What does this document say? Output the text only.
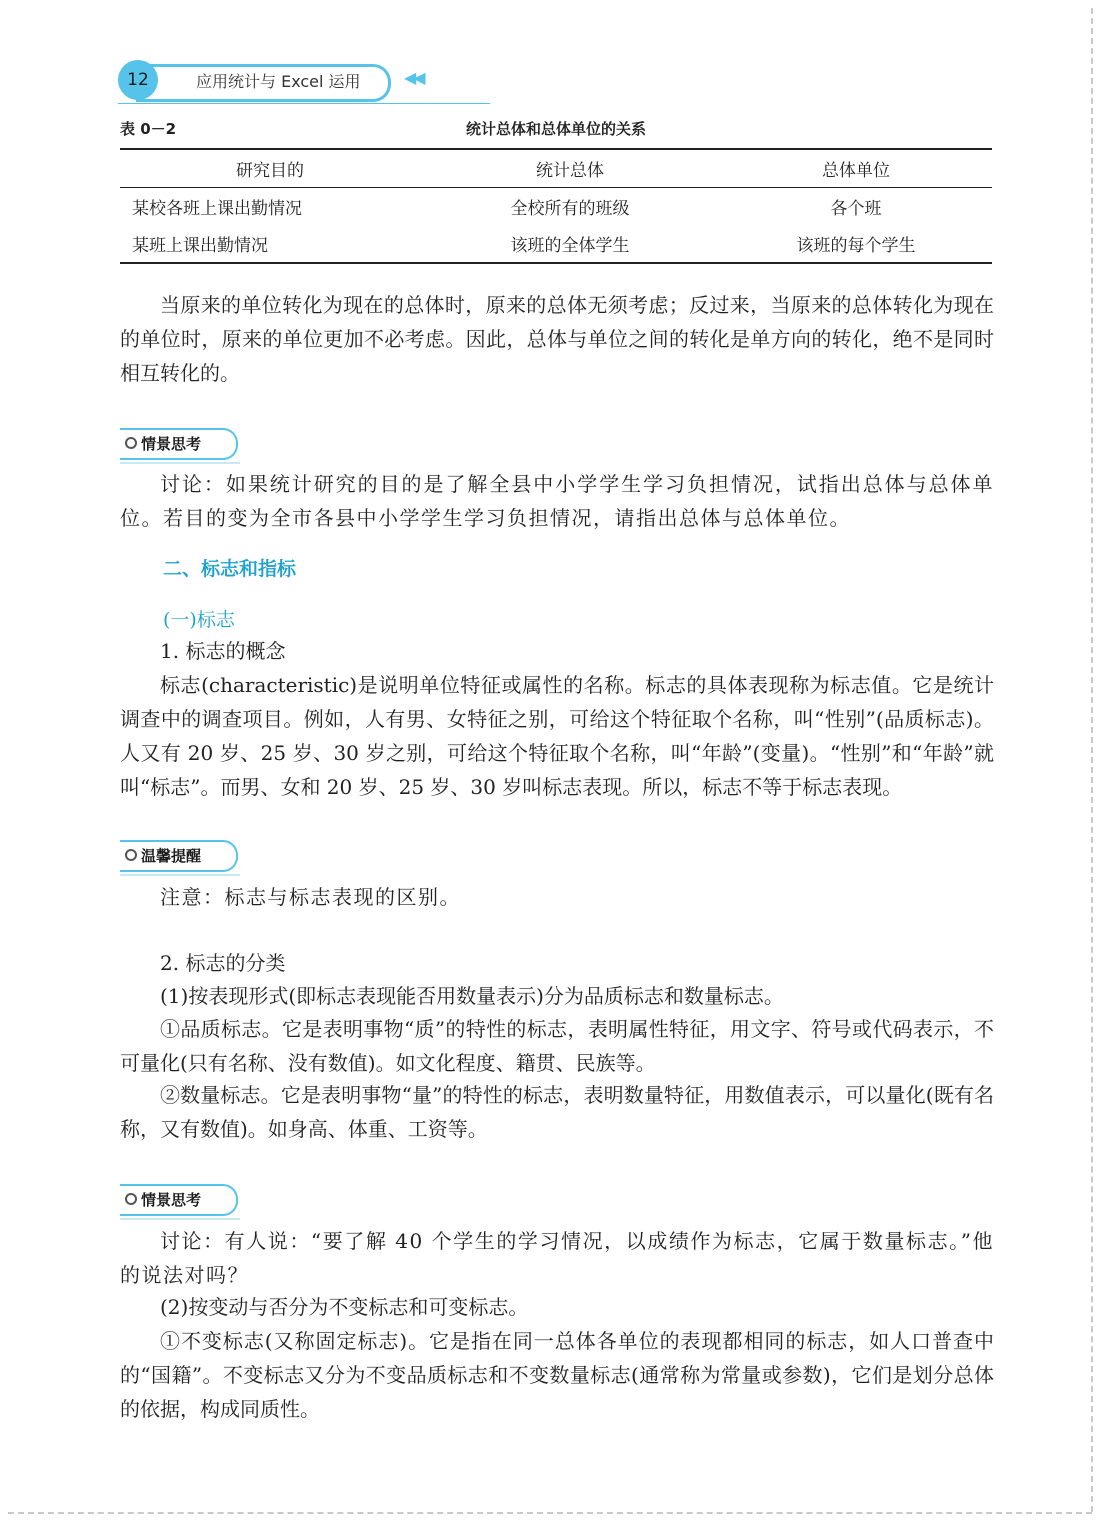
12	应用统计与 Excel 运用	◀◀
表 0－2	统计总体和总体单位的关系
研究目的	统计总体	总体单位
某校各班上课出勤情况	全校所有的班级	各个班
某班上课出勤情况	该班的全体学生	该班的每个学生

当原来的单位转化为现在的总体时，原来的总体无须考虑；反过来，当原来的总体转化为现在的单位时，原来的单位更加不必考虑。因此，总体与单位之间的转化是单方向的转化，绝不是同时相互转化的。

情景思考

讨论：如果统计研究的目的是了解全县中小学学生学习负担情况，试指出总体与总体单位。若目的变为全市各县中小学学生学习负担情况，请指出总体与总体单位。

二、标志和指标
(一)标志

1. 标志的概念

标志(characteristic)是说明单位特征或属性的名称。标志的具体表现称为标志值。它是统计调查中的调查项目。例如，人有男、女特征之别，可给这个特征取个名称，叫“性别”(品质标志)。人又有 20 岁、25 岁、30 岁之别，可给这个特征取个名称，叫“年龄”(变量)。“性别”和“年龄”就叫“标志”。而男、女和 20 岁、25 岁、30 岁叫标志表现。所以，标志不等于标志表现。

温馨提醒

注意：标志与标志表现的区别。

2. 标志的分类

(1)按表现形式(即标志表现能否用数量表示)分为品质标志和数量标志。

①品质标志。它是表明事物“质”的特性的标志，表明属性特征，用文字、符号或代码表示，不可量化(只有名称、没有数值)。如文化程度、籍贯、民族等。

②数量标志。它是表明事物“量”的特性的标志，表明数量特征，用数值表示，可以量化(既有名称，又有数值)。如身高、体重、工资等。

情景思考

讨论：有人说：“要了解 40 个学生的学习情况，以成绩作为标志，它属于数量标志。”他的说法对吗？

(2)按变动与否分为不变标志和可变标志。

①不变标志(又称固定标志)。它是指在同一总体各单位的表现都相同的标志，如人口普查中的“国籍”。不变标志又分为不变品质标志和不变数量标志(通常称为常量或参数)，它们是划分总体的依据，构成同质性。
